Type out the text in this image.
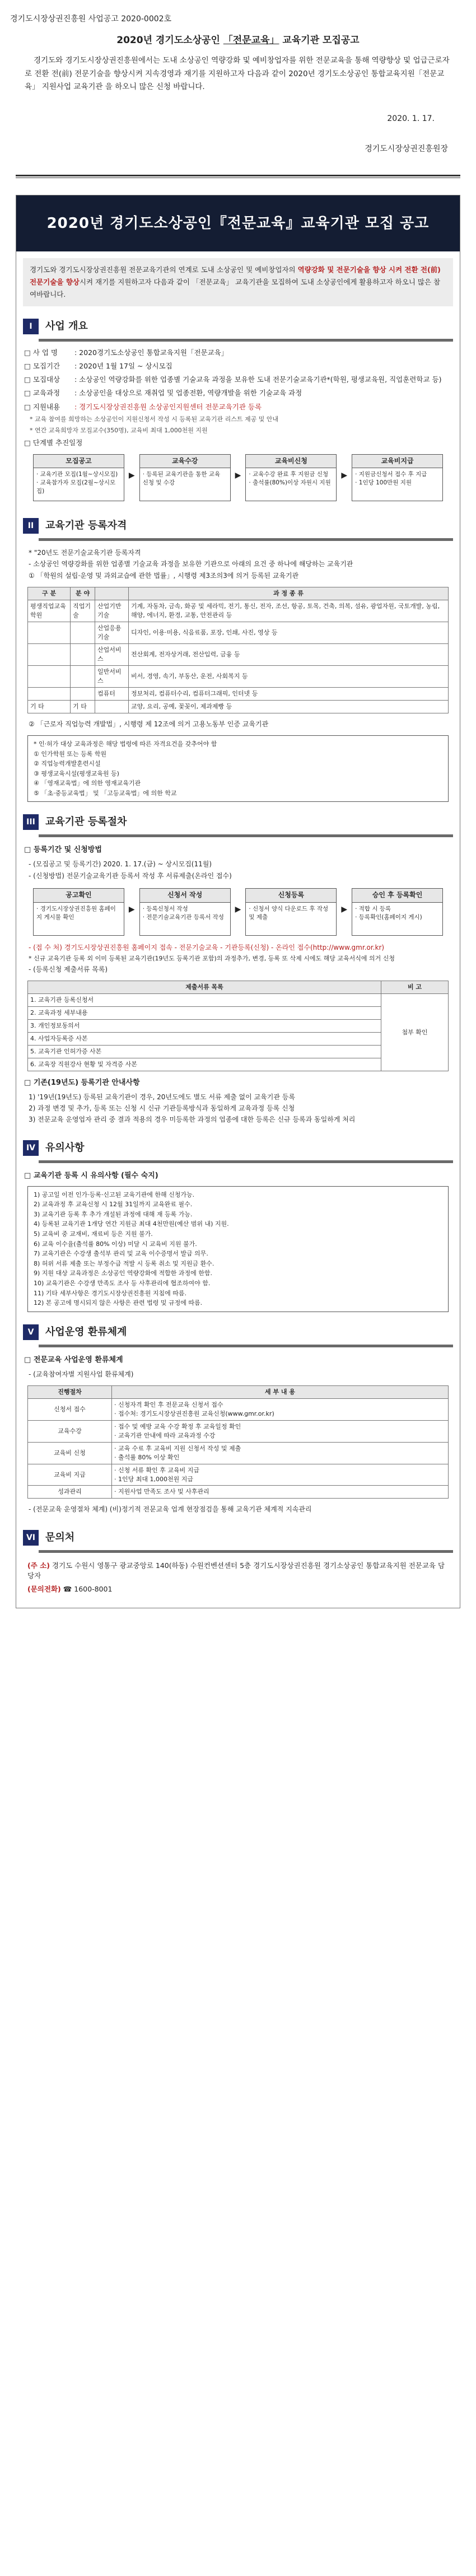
경기도시장상권진흥원 사업공고 2020-0002호
2020년 경기도소상공인 「전문교육」 교육기관 모집공고
경기도와 경기도시장상권진흥원에서는 도내 소상공인 역량강화 및 예비창업자를 위한 전문교육을 통해 역량향상 및 업급근로자로 전환 전(前) 전문기술을 향상시켜 지속경영과 재기를 지원하고자 다음과 같이 2020년 경기도소상공인 통합교육지원「전문교육」 지원사업 교육기관 을 하오니 많은 신청 바랍니다.
2020. 1. 17.
경기도시장상권진흥원장
2020년 경기도소상공인『전문교육』교육기관 모집 공고
경기도와 경기도시장상권진흥원 전문교육기관의 연계로 도내 소상공인 및 예비창업자의 역량강화 및 전문기술을 향상 시켜 전환 전(前) 전문기술을 향상시켜 재기를 지원하고자 다음과 같이 「전문교육」 교육기관을 모집하여 도내 소상공인에게 활용하고자 하오니 많은 참여바랍니다.
I	사업 개요
□ 사 업 명	: 2020경기도소상공인 통합교육지원「전문교육」
□ 모집기간	: 2020년 1월 17일 ~ 상시모집
□ 모집대상	: 소상공인 역량강화를 위한 업종별 기술교육 과정을 보유한 도내 전문기술교육기관*(학원, 평생교육원, 직업훈련학교 등)
□ 교육과정	: 소상공인을 대상으로 재취업 및 업종전환, 역량개발을 위한 기술교육 과정
□ 지원내용	: 경기도시장상권진흥원 소상공인지원센터 전문교육기관 등록
* 교육 참여를 희망하는 소상공인이 지원신청서 작성 시 등록된 교육기관 리스트 제공 및 안내
* 연간 교육희망자 모집교수(350명), 교육비 최대 1,000천원 지원
□ 단계별 추진일정
모집공고
· 교육기관 모집(1월~상시모집)
· 교육참가자 모집(2월~상시모집)
▶
교육수강
· 등록된 교육기관을 통한 교육 신청 및 수강
▶
교육비신청
· 교육수강 완료 후 지원금 신청
· 출석률(80%)이상 자원시 지원
▶
교육비지급
· 지원금신청서 접수 후 지급
· 1인당 100만원 지원
II	교육기관 등록자격
* "20년도 전문기술교육기관 등록자격
- 소상공인 역량강화를 위한 업종별 기술교육 과정을 보유한 기관으로 아래의 요건 중 하나에 해당하는 교육기관
① 「학원의 설립·운영 및 과외교습에 관한 법률」, 시행령 제3조의3에 의거 등록된 교육기관
구 분	분 야		과 정 종 류
평생직업교육학원	직업기술	산업기반기술	기계, 자동차, 금속, 화공 및 세라믹, 전기, 통신, 전자, 조선, 항공, 토목, 건축, 의복, 섬유, 광업자원, 국토개발, 농림, 해양, 에너지, 환경, 교통, 안전관리 등
		산업응용기술	디자인, 이용·미용, 식음료품, 포장, 인쇄, 사진, 영상 등
		산업서비스	전산회계, 전자상거래, 전산입력, 금융 등
		일반서비스	비서, 경영, 속기, 부동산, 운전, 사회복지 등
		컴퓨터	정보처리, 컴퓨터수리, 컴퓨터그래픽, 인터넷 등
기 타	기 타		교양, 요리, 공예, 꽃꽂이, 제과제빵 등
② 「근로자 직업능력 개발법」, 시행령 제 12조에 의거 고용노동부 인증 교육기관
* 인·허가 대상 교육과정은 해당 법령에 따른 자격요건을 갖추어야 함
① 인가학원 또는 등록 학원
② 직업능력개발훈련시설
③ 평생교육시설(평생교육원 등)
④ 「영재교육법」에 의한 영재교육기관
⑤ 「초·중등교육법」 및 「고등교육법」에 의한 학교
III	교육기관 등록절차
□ 등록기간 및 신청방법
- (모집공고 및 등록기간) 2020. 1. 17.(금) ~ 상시모집(11월)
- (신청방법) 전문기술교육기관 등록서 작성 후 서류제출(온라인 접수)
공고확인
· 경기도시장상권진흥원 홈페이지 게시물 확인
▶
신청서 작성
· 등록신청서 작성
· 전문기술교육기관 등록서 작성
▶
신청등록
· 신청서 양식 다운로드 후 작성 및 제출
▶
승인 후 등록확인
· 적합 시 등록
· 등록확인(홈페이지 게시)
- (접 수 처) 경기도시장상권진흥원 홈페이지 접속 - 전문기술교육 - 기관등록(신청) - 온라인 접수(http://www.gmr.or.kr)
* 신규 교육기관 등록 외 이미 등록된 교육기관(19년도 등록기관 포함)의 과정추가, 변경, 등록 또 삭제 시에도 해당 교육서식에 의거 신청
- (등록신청 제출서류 목록)
제출서류 목록	비 고
1. 교육기관 등록신청서	첨부 확인
2. 교육과정 세부내용	
3. 개인정보동의서	
4. 사업자등록증 사본	
5. 교육기관 인허가증 사본	
6. 교육장 직원강사 현황 및 자격증 사본	
□ 기존(19년도) 등록기관 안내사항
1) '19년(19년도) 등록된 교육기관이 경우, 20년도에도 별도 서류 제출 없이 교육기관 등록
2) 과정 변경 및 추가, 등록 또는 신청 시 신규 기관등록방식과 동일하게 교육과정 등록 신청
3) 전문교육 운영업자 관리 중 결과 적용의 경우 미등록한 과정의 업종에 대한 등록은 신규 등록과 동일하게 처리
IV 유의사항
□ 교육기관 등록 시 유의사항 (필수 숙지)
1) 공고일 이전 인가·등록·신고된 교육기관에 한해 신청가능.
2) 교육과정 후 교육신청 시 12월 31일까지 교육완료 필수.
3) 교육기관 등록 후 추가 개설된 과정에 대해 재 등록 가능.
4) 등록된 교육기관 1개당 연간 지원금 최대 4천만원(예산 범위 내) 지원.
5) 교육비 중 교재비, 재료비 등은 지원 불가.
6) 교육 이수율(출석률 80% 이상) 미달 시 교육비 지원 불가.
7) 교육기관은 수강생 출석부 관리 및 교육 이수증명서 발급 의무.
8) 허위 서류 제출 또는 부정수급 적발 시 등록 취소 및 지원금 환수.
9) 지원 대상 교육과정은 소상공인 역량강화에 적합한 과정에 한함.
10) 교육기관은 수강생 만족도 조사 등 사후관리에 협조하여야 함.
11) 기타 세부사항은 경기도시장상권진흥원 지침에 따름.
12) 본 공고에 명시되지 않은 사항은 관련 법령 및 규정에 따름.
V	사업운영 환류체계
□ 전문교육 사업운영 환류체계
- (교육참여자별 지원사업 환류체계)
진행절차	세 부 내 용
신청서 접수	· 신청자격 확인 후 전문교육 신청서 접수
· 접수처: 경기도시장상권진흥원 교육신청(www.gmr.or.kr)
교육수강	· 접수 및 예방 교육 수강 확정 후 교육일정 확인
· 교육기관 안내에 따라 교육과정 수강
교육비 신청	· 교육 수료 후 교육비 지원 신청서 작성 및 제출
· 출석률 80% 이상 확인
교육비 지급	· 신청 서류 확인 후 교육비 지급
· 1인당 최대 1,000천원 지급
성과관리	· 지원사업 만족도 조사 및 사후관리
- (전문교육 운영절차 체계) (비)정기적 전문교육 업계 현장점검을 통해 교육기관 체계적 지속관리
VI 문의처
(주 소) 경기도 수원시 영통구 광교중앙로 140(하동) 수원컨벤션센터 5층 경기도시장상권진흥원 경기소상공인 통합교육지원 전문교육 담당자
(문의전화) ☎ 1600-8001
